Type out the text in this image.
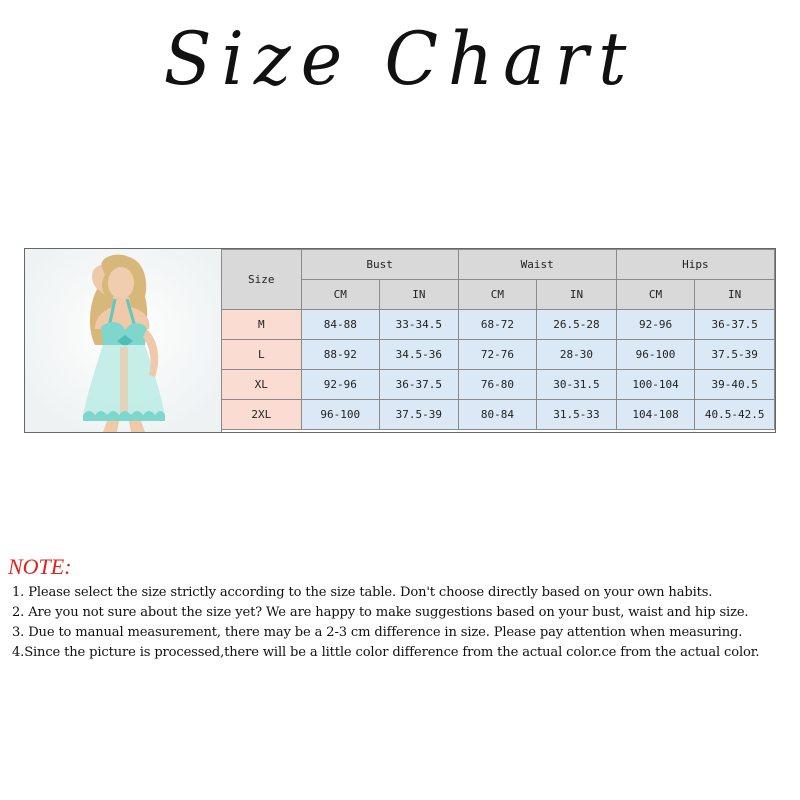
Size Chart
Size	Bust		Waist		Hips	
	CM	IN	CM	IN	CM	IN
M	84-88	33-34.5	68-72	26.5-28	92-96	36-37.5
L	88-92	34.5-36	72-76	28-30	96-100	37.5-39
XL	92-96	36-37.5	76-80	30-31.5	100-104	39-40.5
2XL	96-100	37.5-39	80-84	31.5-33	104-108	40.5-42.5
NOTE:
1. Please select the size strictly according to the size table. Don't choose directly based on your own habits.
2. Are you not sure about the size yet? We are happy to make suggestions based on your bust, waist and hip size.
3. Due to manual measurement, there may be a 2-3 cm difference in size. Please pay attention when measuring.
4.Since the picture is processed,there will be a little color difference from the actual color.ce from the actual color.
